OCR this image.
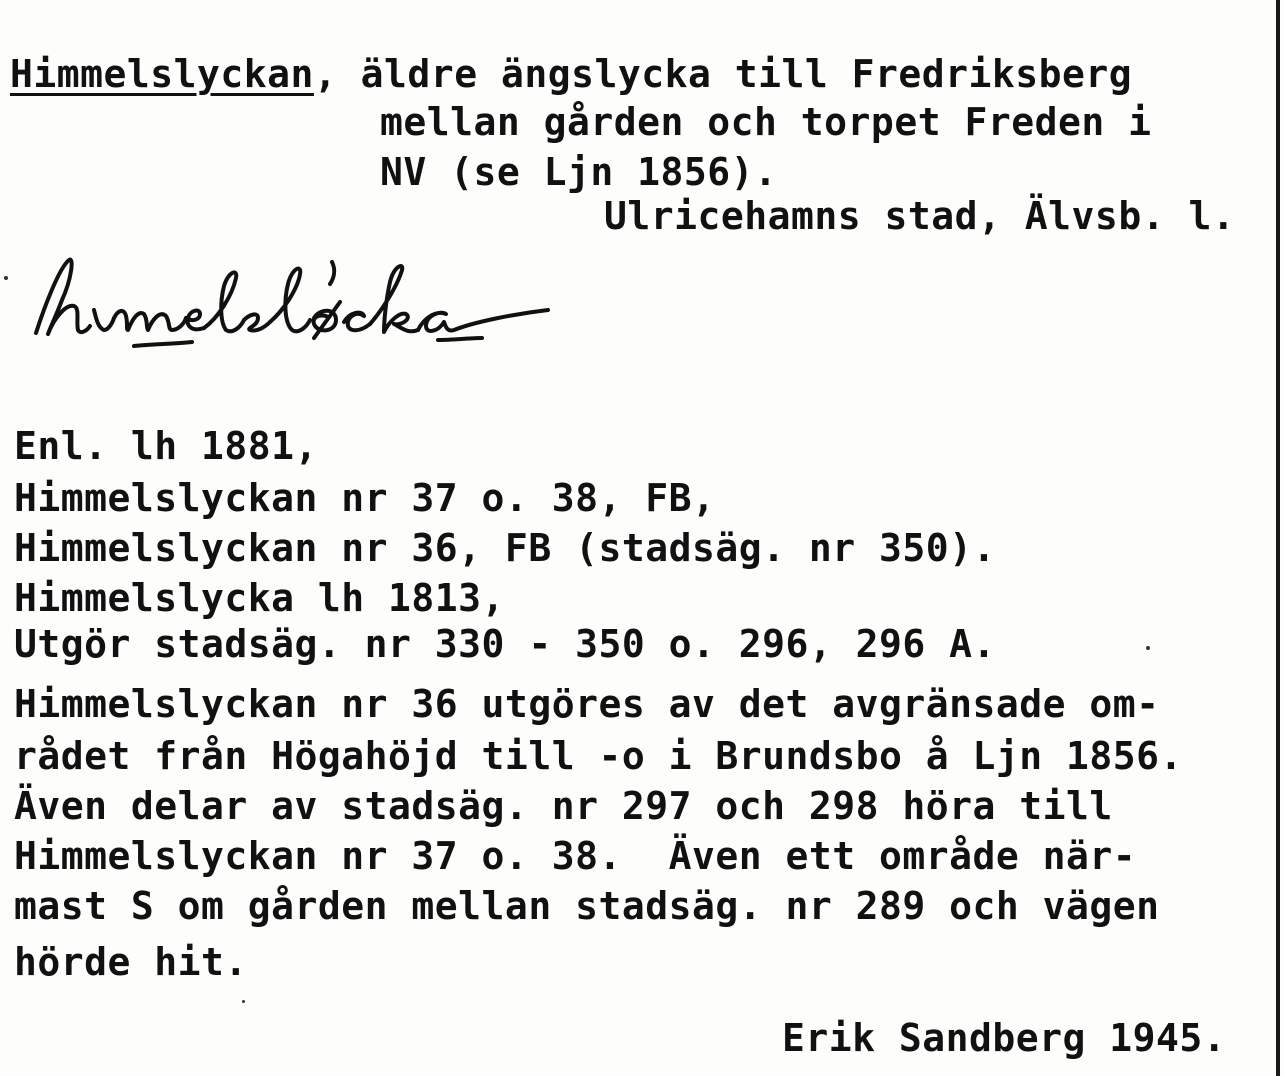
Himmelslyckan, äldre ängslycka till Fredriksberg
mellan gården och torpet Freden i
NV (se Ljn 1856).
Ulricehamns stad, Älvsb. l.
Enl. lh 1881,
Himmelslyckan nr 37 o. 38, FB,
Himmelslyckan nr 36, FB (stadsäg. nr 350).
Himmelslycka lh 1813,
Utgör stadsäg. nr 330 - 350 o. 296, 296 A.
Himmelslyckan nr 36 utgöres av det avgränsade om-
rådet från Högahöjd till -o i Brundsbo å Ljn 1856.
Även delar av stadsäg. nr 297 och 298 höra till
Himmelslyckan nr 37 o. 38.  Även ett område när-
mast S om gården mellan stadsäg. nr 289 och vägen
hörde hit.
Erik Sandberg 1945.
